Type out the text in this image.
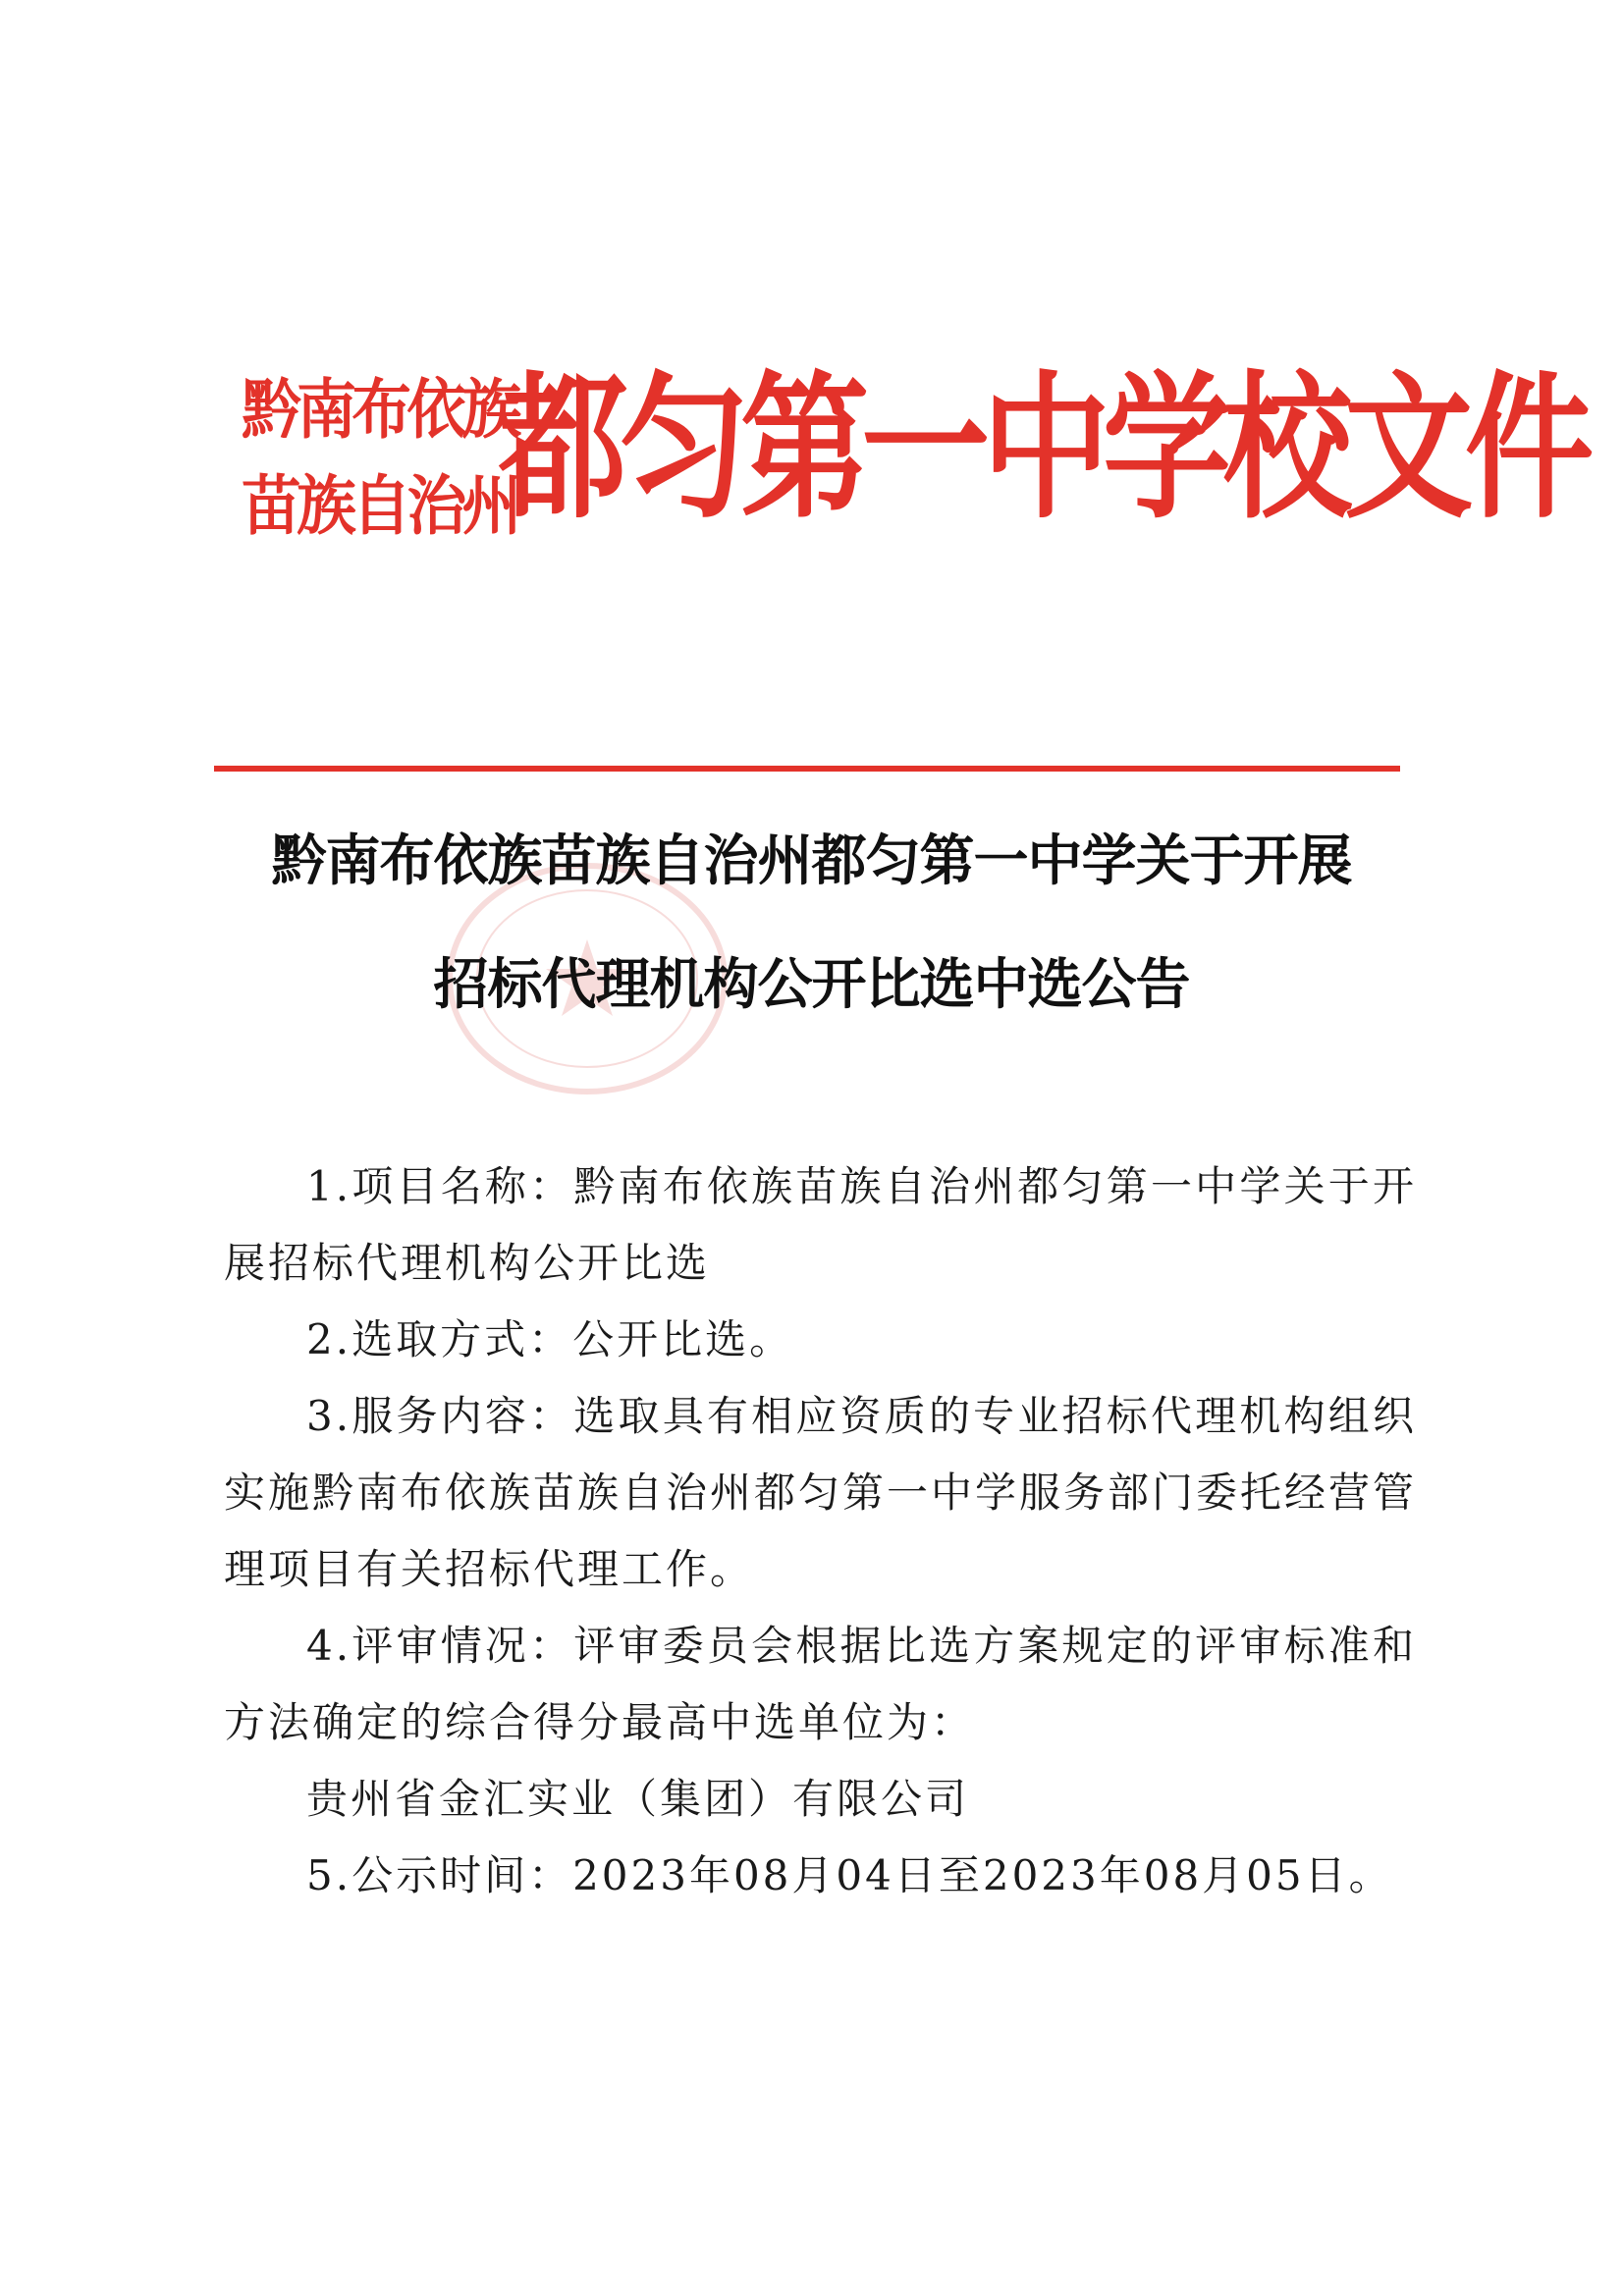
黔南布依族
苗族自治州
都匀第一中学校文件
黔南布依族苗族自治州都匀第一中学关于开展
招标代理机构公开比选中选公告

1.项目名称：黔南布依族苗族自治州都匀第一中学关于开展招标代理机构公开比选

2.选取方式：公开比选。

3.服务内容：选取具有相应资质的专业招标代理机构组织实施黔南布依族苗族自治州都匀第一中学服务部门委托经营管理项目有关招标代理工作。

4.评审情况：评审委员会根据比选方案规定的评审标准和方法确定的综合得分最高中选单位为：

贵州省金汇实业（集团）有限公司

5.公示时间：2023年08月04日至2023年08月05日。
